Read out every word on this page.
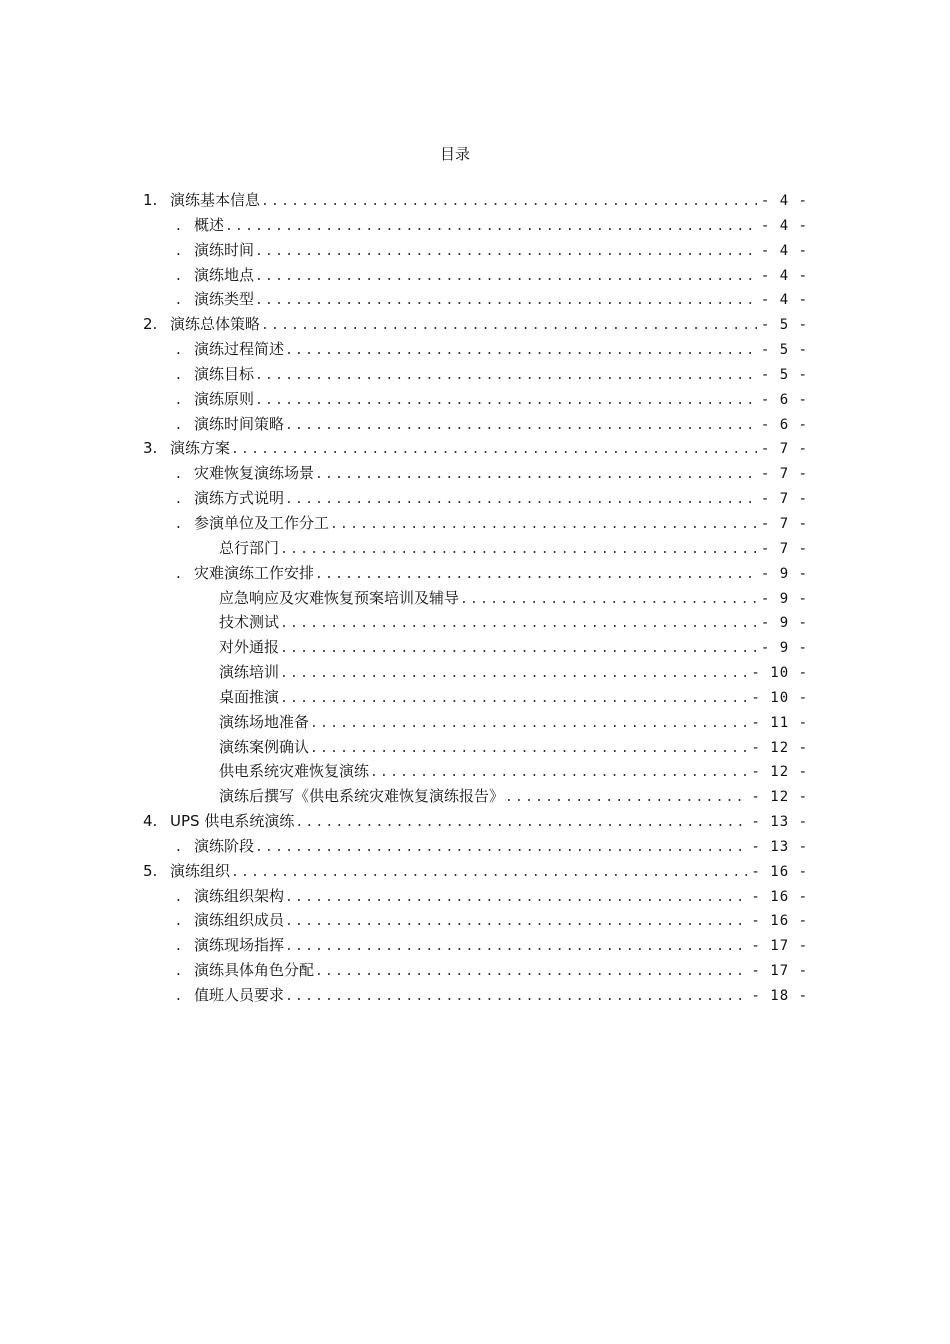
目录
1. 演练基本信息 .....	- 4 -
. 概述 .....	- 4 -
. 演练时间 .....	- 4 -
. 演练地点 .....	- 4 -
. 演练类型 .....	- 4 -
2. 演练总体策略 .....	- 5 -
. 演练过程简述 .....	- 5 -
. 演练目标 .....	- 5 -
. 演练原则 .....	- 6 -
. 演练时间策略 .....	- 6 -
3. 演练方案 .....	- 7 -
. 灾难恢复演练场景 .....	- 7 -
. 演练方式说明 .....	- 7 -
. 参演单位及工作分工 .....	- 7 -
总行部门 .....	- 7 -
. 灾难演练工作安排 .....	- 9 -
应急响应及灾难恢复预案培训及辅导 .....	- 9 -
技术测试 .....	- 9 -
对外通报 .....	- 9 -
演练培训 .....	- 10 -
桌面推演 .....	- 10 -
演练场地准备 .....	- 11 -
演练案例确认 .....	- 12 -
供电系统灾难恢复演练 .....	- 12 -
演练后撰写《供电系统灾难恢复演练报告》 .....	- 12 -
4. UPS 供电系统演练 .....	- 13 -
. 演练阶段 .....	- 13 -
5. 演练组织 .....	- 16 -
. 演练组织架构 .....	- 16 -
. 演练组织成员 .....	- 16 -
. 演练现场指挥 .....	- 17 -
. 演练具体角色分配 .....	- 17 -
. 值班人员要求 .....	- 18 -
